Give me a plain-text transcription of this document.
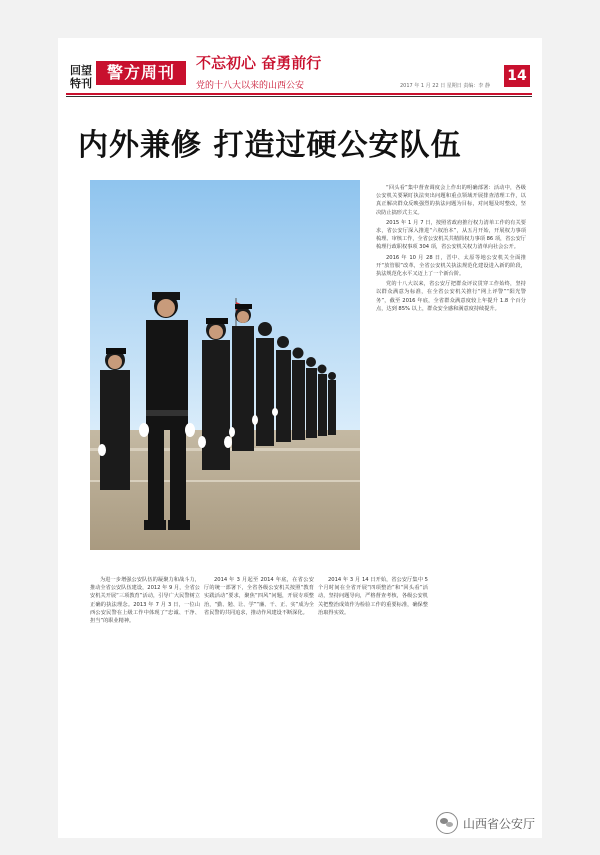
回望
特刊
警方周刊	不忘初心 奋勇前行
党的十八大以来的山西公安	2017 年 1 月 22 日 星期日 责编：李 静
14
内外兼修 打造过硬公安队伍

“回头看”集中督查调度会上作出的明确部署：活动中，各级公安机关要紧盯执法突出问题和重点领域开展排查清理工作，以真正解决群众反映强烈的执法问题为目标，对问题及时整改，坚决防止搞形式主义。

2015 年 1 月 7 日，按照省政府推行权力清单工作的有关要求，省公安厅深入推进“六权治本”，从五月开始，开展权力事项梳理、审核工作，全省公安机关共精简权力事项 86 项，省公安厅梳理行政职权事项 304 项，省公安机关权力清单向社会公开。

2016 年 10 月 28 日，晋中、太原等地公安机关全面推开“放管服”改革，全省公安机关执法规范化建设进入新的阶段，执法规范化水平又迈上了一个新台阶。

党的十八大以来，省公安厅把群众评议贯穿工作始终，坚持以群众满意为标准，在全省公安机关推行“网上评警”“阳光警务”，截至 2016 年底，全省群众满意度较上年提升 1.8 个百分点，达到 85% 以上，群众安全感和满意度持续提升。

为进一步增强公安队伍的凝聚力和战斗力，推动全省公安队伍建设，2012 年 9 月，全省公安机关开展“三项教育”活动，引导广大民警树立正确的执法理念。2013 年 7 月 3 日，一位山西公安民警在上级工作中体现了“忠诚、干净、担当”的职业精神。

2014 年 3 月起至 2014 年底，在省公安厅的统一部署下，全省各级公安机关按照“教育实践活动”要求，聚焦“四风”问题，开展专项整治，“勤、勉、让、学”“廉、干、正、实”成为全省民警的共同追求，推动作风建设不断深化。

2014 年 3 月 14 日开始，省公安厅集中 5 个月时间在全省开展“四项整治”和“回头看”活动，坚持问题导向，严格督查考核，各级公安机关把整治成效作为检验工作的重要标准，确保整治取得实效。

山西省公安厅
